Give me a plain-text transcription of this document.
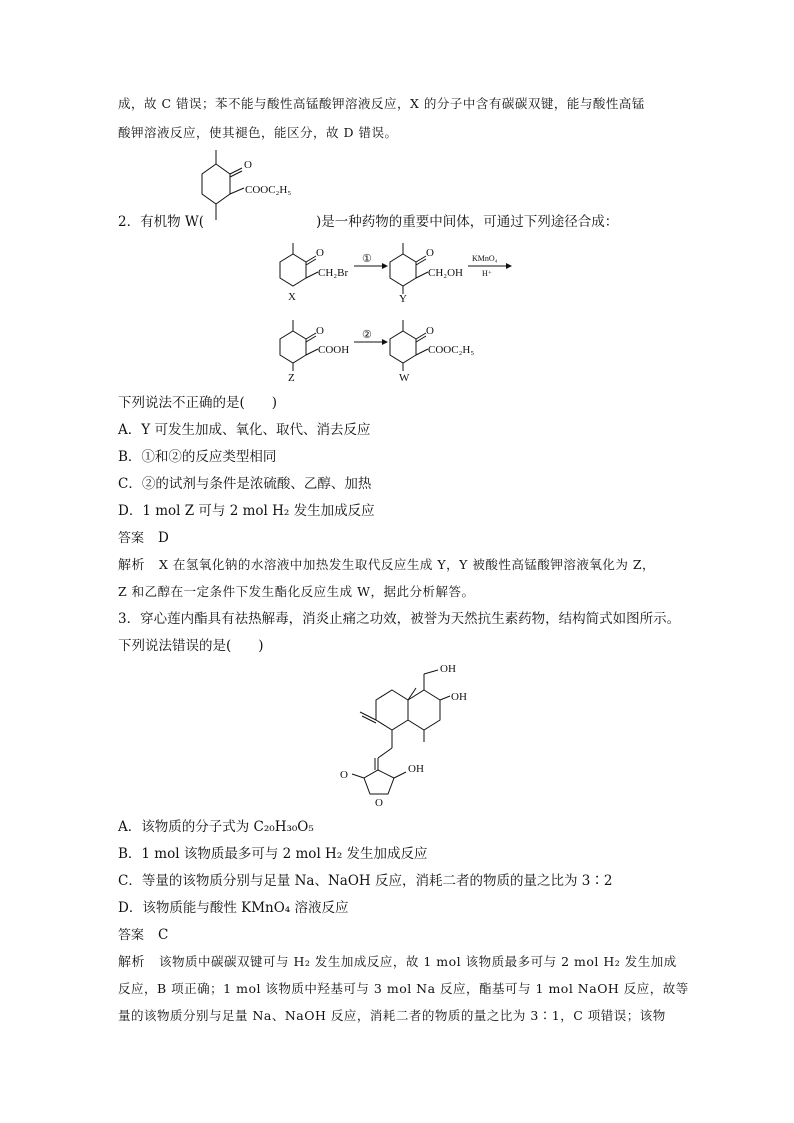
成，故 C 错误；苯不能与酸性高锰酸钾溶液反应，X 的分子中含有碳碳双键，能与酸性高锰
酸钾溶液反应，使其褪色，能区分，故 D 错误。
2．有机物 W(	)是一种药物的重要中间体，可通过下列途径合成：
O
COOC₂H₅
O
CH₂Br
X
①	O
CH₂OH
Y
KMnO₄
H⁺
O
COOH
Z
②	O
COOC₂H₅
W
下列说法不正确的是(　　)
A．Y 可发生加成、氧化、取代、消去反应
B．①和②的反应类型相同
C．②的试剂与条件是浓硫酸、乙醇、加热
D．1 mol Z 可与 2 mol H₂ 发生加成反应
答案 D
解析 X 在氢氧化钠的水溶液中加热发生取代反应生成 Y，Y 被酸性高锰酸钾溶液氧化为 Z，
Z 和乙醇在一定条件下发生酯化反应生成 W，据此分析解答。
3．穿心莲内酯具有祛热解毒，消炎止痛之功效，被誉为天然抗生素药物，结构简式如图所示。
下列说法错误的是(　　)
OH
OH
OH
O
O
A．该物质的分子式为 C₂₀H₃₀O₅
B．1 mol 该物质最多可与 2 mol H₂ 发生加成反应
C．等量的该物质分别与足量 Na、NaOH 反应，消耗二者的物质的量之比为 3∶2
D．该物质能与酸性 KMnO₄ 溶液反应
答案 C
解析 该物质中碳碳双键可与 H₂ 发生加成反应，故 1 mol 该物质最多可与 2 mol H₂ 发生加成
反应，B 项正确；1 mol 该物质中羟基可与 3 mol Na 反应，酯基可与 1 mol NaOH 反应，故等
量的该物质分别与足量 Na、NaOH 反应，消耗二者的物质的量之比为 3∶1，C 项错误；该物
